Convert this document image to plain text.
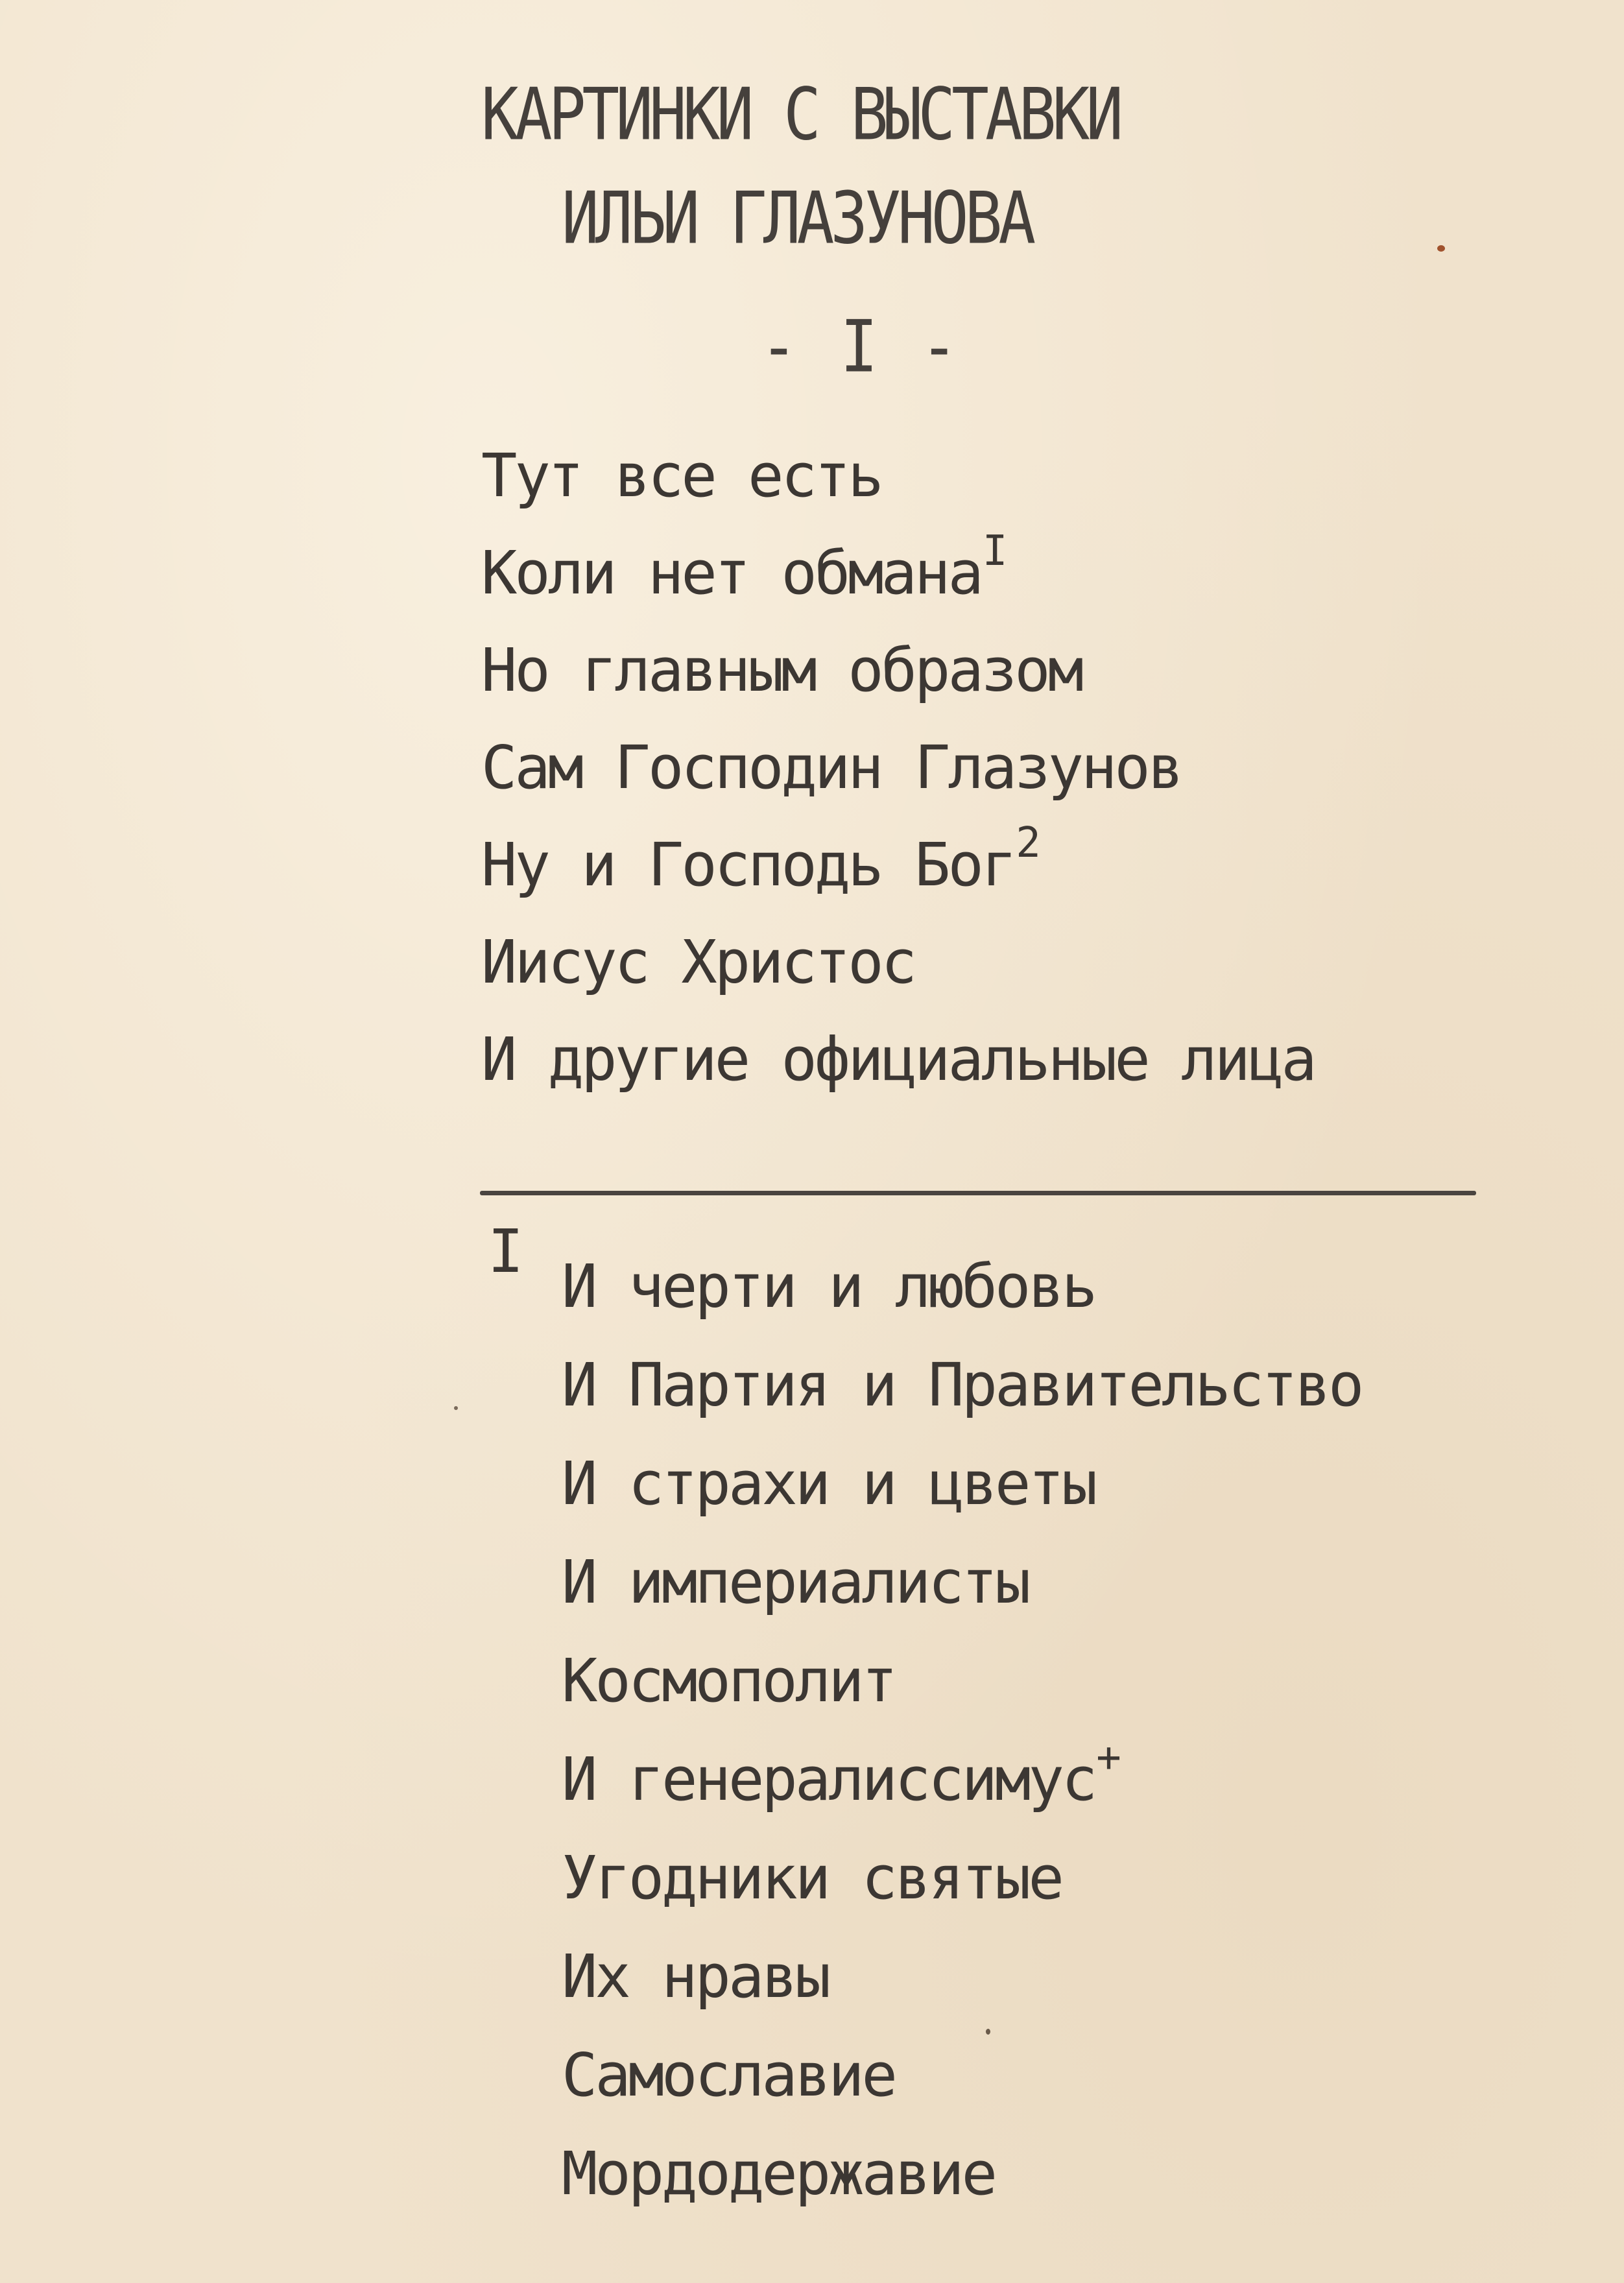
КАРТИНКИ С ВЫСТАВКИ
ИЛЬИ ГЛАЗУНОВА
- I -
Тут все есть
Коли нет обмана$^I$
Но главным образом
Сам Господин Глазунов
Ну и Господь Бог$^2$
Иисус Христос
И другие официальные лица
I
И черти и любовь
И Партия и Правительство
И страхи и цветы
И империалисты
Космополит
И генералиссимус+
Угодники святые
Их нравы
Самославие
Мордодержавие
